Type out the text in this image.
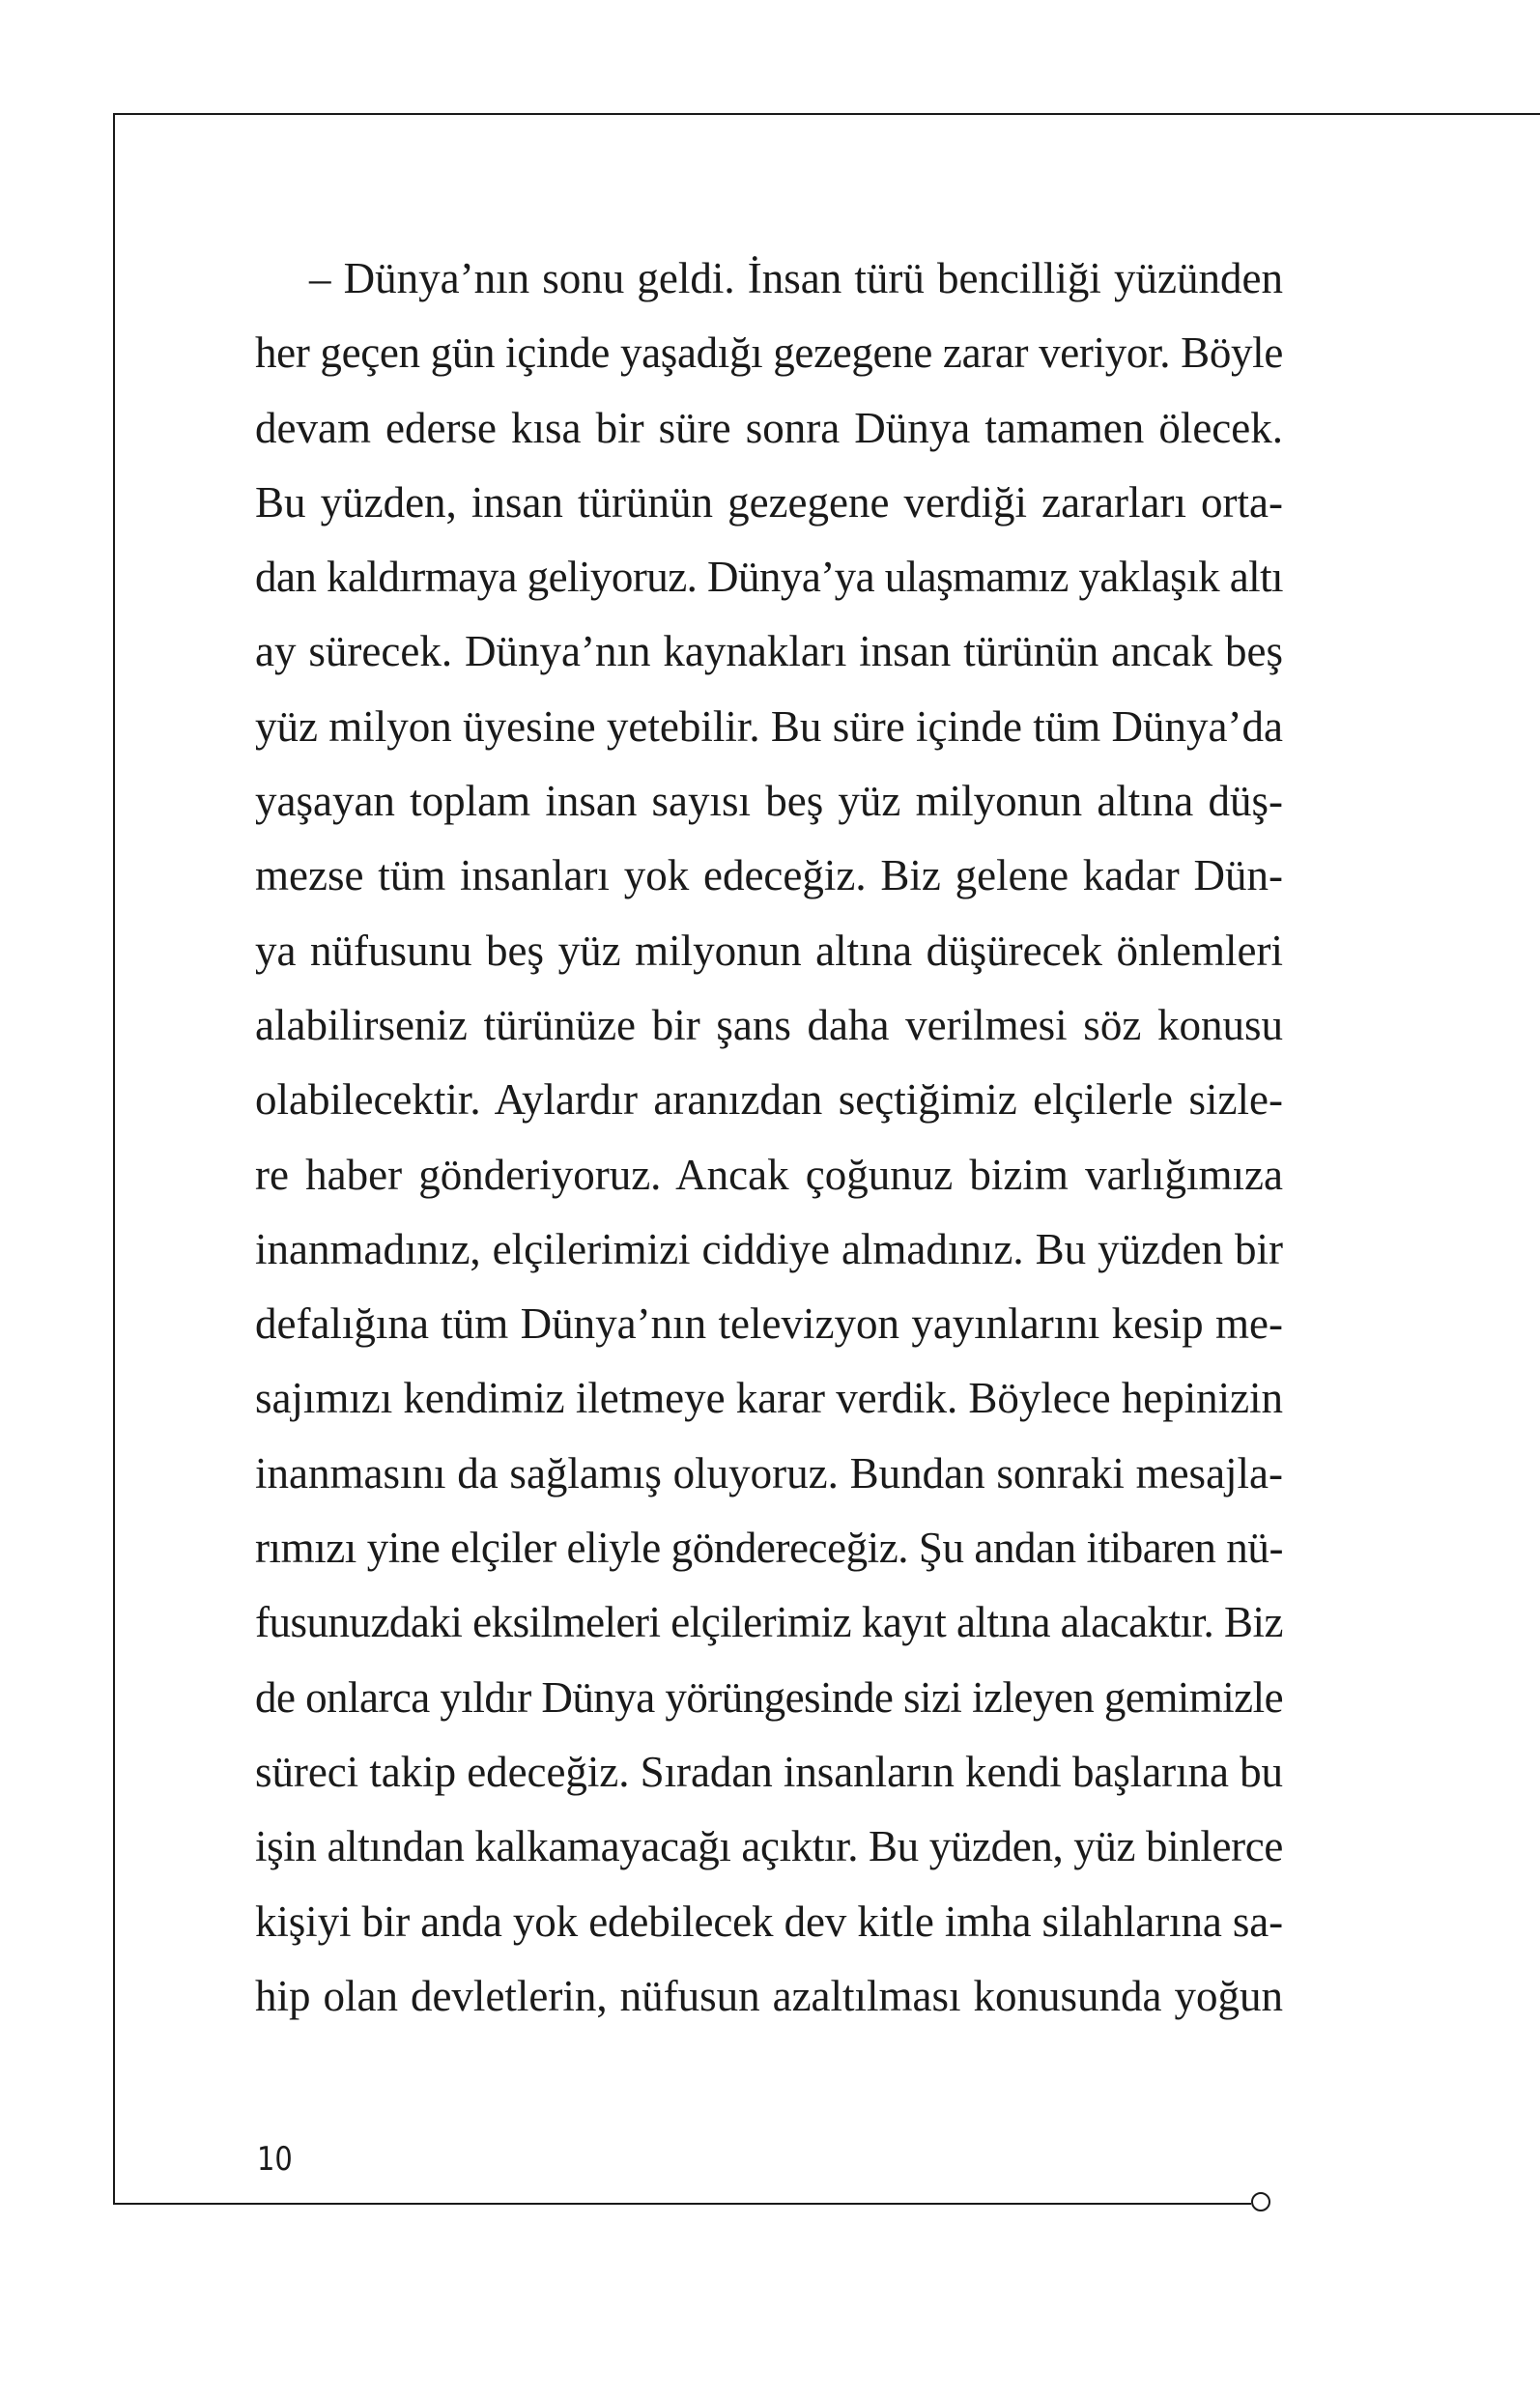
– Dünya’nın sonu geldi. İnsan türü bencilliği yüzünden
her geçen gün içinde yaşadığı gezegene zarar veriyor. Böyle
devam ederse kısa bir süre sonra Dünya tamamen ölecek.
Bu yüzden, insan türünün gezegene verdiği zararları orta-
dan kaldırmaya geliyoruz. Dünya’ya ulaşmamız yaklaşık altı
ay sürecek. Dünya’nın kaynakları insan türünün ancak beş
yüz milyon üyesine yetebilir. Bu süre içinde tüm Dünya’da
yaşayan toplam insan sayısı beş yüz milyonun altına düş-
mezse tüm insanları yok edeceğiz. Biz gelene kadar Dün-
ya nüfusunu beş yüz milyonun altına düşürecek önlemleri
alabilirseniz türünüze bir şans daha verilmesi söz konusu
olabilecektir. Aylardır aranızdan seçtiğimiz elçilerle sizle-
re haber gönderiyoruz. Ancak çoğunuz bizim varlığımıza
inanmadınız, elçilerimizi ciddiye almadınız. Bu yüzden bir
defalığına tüm Dünya’nın televizyon yayınlarını kesip me-
sajımızı kendimiz iletmeye karar verdik. Böylece hepinizin
inanmasını da sağlamış oluyoruz. Bundan sonraki mesajla-
rımızı yine elçiler eliyle göndereceğiz. Şu andan itibaren nü-
fusunuzdaki eksilmeleri elçilerimiz kayıt altına alacaktır. Biz
de onlarca yıldır Dünya yörüngesinde sizi izleyen gemimizle
süreci takip edeceğiz. Sıradan insanların kendi başlarına bu
işin altından kalkamayacağı açıktır. Bu yüzden, yüz binlerce
kişiyi bir anda yok edebilecek dev kitle imha silahlarına sa-
hip olan devletlerin, nüfusun azaltılması konusunda yoğun
10
